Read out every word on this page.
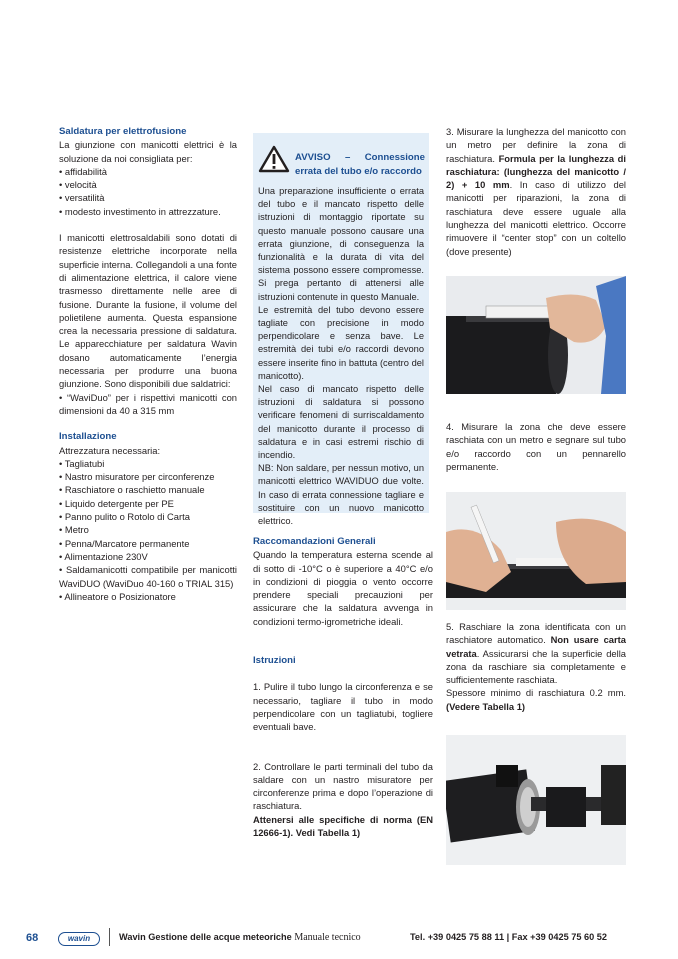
Saldatura per elettrofusione

La giunzione con manicotti elettrici è la soluzione da noi consigliata per:

• affidabilità
• velocità
• versatilità
• modesto investimento in attrezzature.

I manicotti elettrosaldabili sono dotati di resistenze elettriche incorporate nella superficie interna. Collegandoli a una fonte di alimentazione elettrica, il calore viene trasmesso direttamente nelle aree di fusione. Durante la fusione, il volume del polietilene aumenta. Questa espansione crea la necessaria pressione di saldatura. Le apparecchiature per saldatura Wavin dosano automaticamente l’energia necessaria per produrre una buona giunzione. Sono disponibili due saldatrici:

• “WaviDuo” per i rispettivi manicotti con dimensioni da 40 a 315 mm

Installazione

Attrezzatura necessaria:

• Tagliatubi
• Nastro misuratore per circonferenze
• Raschiatore o raschietto manuale
• Liquido detergente per PE
• Panno pulito o Rotolo di Carta
• Metro
• Penna/Marcatore permanente
• Alimentazione 230V
• Saldamanicotti compatibile per manicotti WaviDUO (WaviDuo 40-160 o TRIAL 315)
• Allineatore o Posizionatore
AVVISO – Connessione
errata del tubo e/o raccordo

Una preparazione insufficiente o errata del tubo e il mancato rispetto delle istruzioni di montaggio riportate su questo manuale possono causare una errata giunzione, di conseguenza la funzionalità e la durata di vita del sistema possono essere compromesse. Si prega pertanto di attenersi alle istruzioni contenute in questo Manuale.

Le estremità del tubo devono essere tagliate con precisione in modo perpendicolare e senza bave. Le estremità dei tubi e/o raccordi devono essere inserite fino in battuta (centro del manicotto).

Nel caso di mancato rispetto delle istruzioni di saldatura si possono verificare fenomeni di surriscaldamento del manicotto durante il processo di saldatura e in casi estremi rischio di incendio.

NB: Non saldare, per nessun motivo, un manicotti elettrico WAVIDUO due volte. In caso di errata connessione tagliare e sostituire con un nuovo manicotto elettrico.

Raccomandazioni Generali

Quando la temperatura esterna scende al di sotto di -10°C o è superiore a 40°C e/o in condizioni di pioggia o vento occorre prendere speciali precauzioni per assicurare che la saldatura avvenga in condizioni termo-igrometriche ideali.

Istruzioni

1. Pulire il tubo lungo la circonferenza e se necessario, tagliare il tubo in modo perpendicolare con un tagliatubi, togliere eventuali bave.

2. Controllare le parti terminali del tubo da saldare con un nastro misuratore per circonferenze prima e dopo l’operazione di raschiatura.

Attenersi alle specifiche di norma (EN 12666-1). Vedi Tabella 1)

3. Misurare la lunghezza del manicotto con un metro per definire la zona di raschiatura. Formula per la lunghezza di raschiatura: (lunghezza del manicotto / 2) + 10 mm. In caso di utilizzo del manicotti per riparazioni, la zona di raschiatura deve essere uguale alla lunghezza del manicotti elettrico. Occorre rimuovere il “center stop” con un coltello (dove presente)

4. Misurare la zona che deve essere raschiata con un metro e segnare sul tubo e/o raccordo con un pennarello permanente.

5. Raschiare la zona identificata con un raschiatore automatico. Non usare carta vetrata. Assicurarsi che la superficie della zona da raschiare sia completamente e sufficientemente raschiata.

Spessore minimo di raschiatura 0.2 mm. (Vedere Tabella 1)

68	wavin	Wavin Gestione delle acque meteoriche Manuale tecnico	Tel. +39 0425 75 88 11 | Fax +39 0425 75 60 52
